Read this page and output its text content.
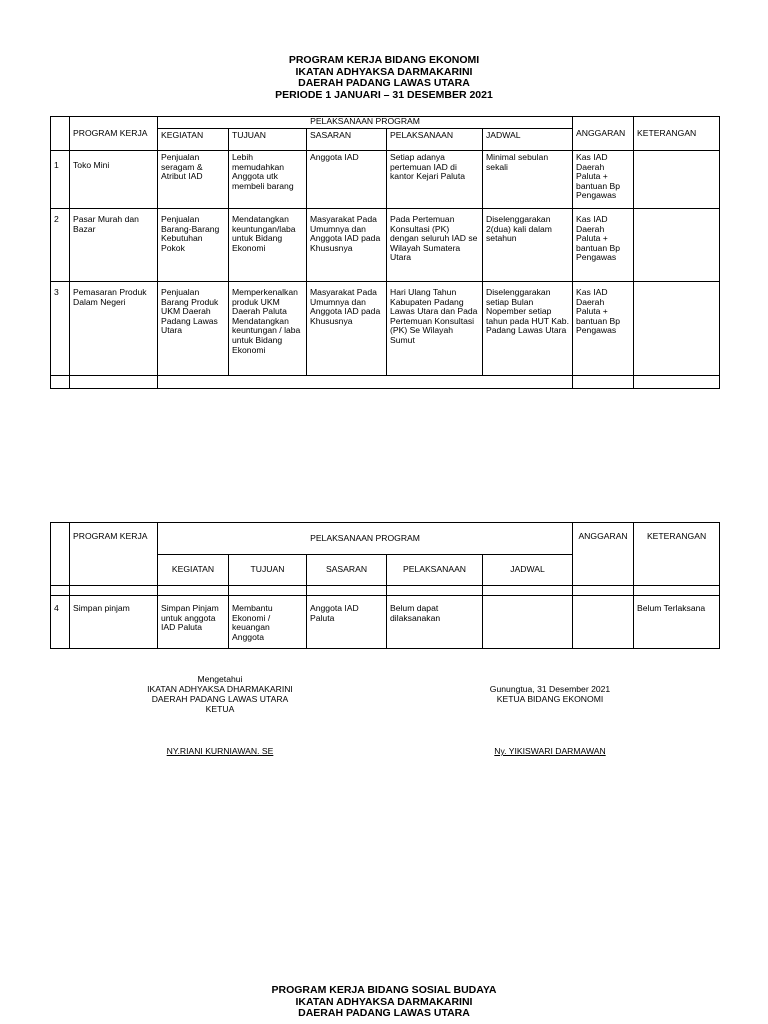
PROGRAM KERJA BIDANG EKONOMI
IKATAN ADHYAKSA DARMAKARINI
DAERAH PADANG LAWAS UTARA
PERIODE 1 JANUARI – 31 DESEMBER 2021
	PROGRAM KERJA	PELAKSANAAN PROGRAM					ANGGARAN	KETERANGAN
		KEGIATAN	TUJUAN	SASARAN	PELAKSANAAN	JADWAL		
1	Toko Mini	Penjualan seragam & Atribut IAD	Lebih memudahkan Anggota utk membeli barang	Anggota IAD	Setiap adanya pertemuan IAD di kantor Kejari Paluta	Minimal sebulan sekali	Kas IAD Daerah Paluta + bantuan Bp Pengawas	
2	Pasar Murah dan Bazar	Penjualan Barang-Barang Kebutuhan Pokok	Mendatangkan keuntungan/laba untuk Bidang Ekonomi	Masyarakat Pada Umumnya dan Anggota IAD pada Khususnya	Pada Pertemuan Konsultasi (PK) dengan seluruh IAD se Wilayah Sumatera Utara	Diselenggarakan 2(dua) kali dalam setahun	Kas IAD Daerah Paluta + bantuan Bp Pengawas	
3	Pemasaran Produk Dalam Negeri	Penjualan Barang Produk UKM Daerah Padang Lawas Utara	Memperkenalkan produk UKM Daerah Paluta Mendatangkan keuntungan / laba untuk Bidang Ekonomi	Masyarakat Pada Umumnya dan Anggota IAD pada Khususnya	Hari Ulang Tahun Kabupaten Padang Lawas Utara dan Pada Pertemuan Konsultasi (PK) Se Wilayah Sumut	Diselenggarakan setiap Bulan Nopember setiap tahun pada HUT Kab. Padang Lawas Utara	Kas IAD Daerah Paluta + bantuan Bp Pengawas	

	PROGRAM KERJA	PELAKSANAAN PROGRAM					ANGGARAN	KETERANGAN
		KEGIATAN	TUJUAN	SASARAN	PELAKSANAAN	JADWAL		

4	Simpan pinjam	Simpan Pinjam untuk anggota IAD Paluta	Membantu Ekonomi / keuangan Anggota	Anggota IAD Paluta	Belum dapat dilaksanakan			Belum Terlaksana
Mengetahui
IKATAN ADHYAKSA DHARMAKARINI
DAERAH PADANG LAWAS UTARA
KETUA
NY.RIANI KURNIAWAN. SE
Gunungtua, 31 Desember 2021
KETUA BIDANG EKONOMI
Ny. YIKISWARI DARMAWAN
PROGRAM KERJA BIDANG SOSIAL BUDAYA
IKATAN ADHYAKSA DARMAKARINI
DAERAH PADANG LAWAS UTARA
